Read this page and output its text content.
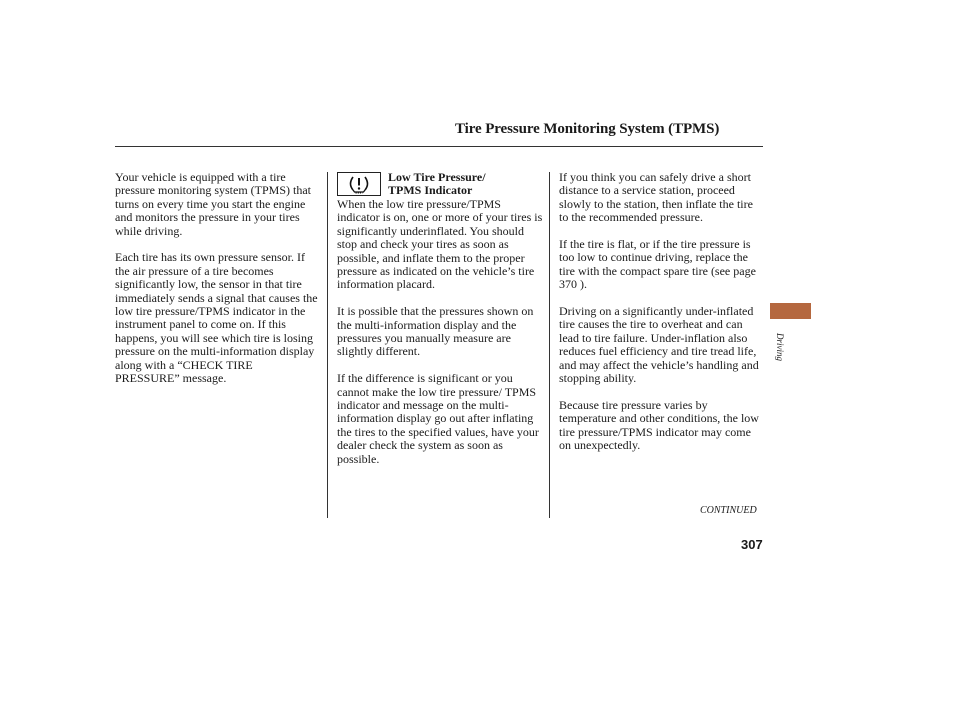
Tire Pressure Monitoring System (TPMS)

Your vehicle is equipped with a tire pressure monitoring system (TPMS) that turns on every time you start the engine and monitors the pressure in your tires while driving.

Each tire has its own pressure sensor. If the air pressure of a tire becomes significantly low, the sensor in that tire immediately sends a signal that causes the low tire pressure/TPMS indicator in the instrument panel to come on. If this happens, you will see which tire is losing pressure on the multi-information display along with a “CHECK TIRE PRESSURE” message.

Low Tire Pressure/
TPMS Indicator

When the low tire pressure/TPMS indicator is on, one or more of your tires is significantly underinflated. You should stop and check your tires as soon as possible, and inflate them to the proper pressure as indicated on the vehicle’s tire information placard.

It is possible that the pressures shown on the multi-information display and the pressures you manually measure are slightly different.

If the difference is significant or you cannot make the low tire pressure/ TPMS indicator and message on the multi-information display go out after inflating the tires to the specified values, have your dealer check the system as soon as possible.

If you think you can safely drive a short distance to a service station, proceed slowly to the station, then inflate the tire to the recommended pressure.

If the tire is flat, or if the tire pressure is too low to continue driving, replace the tire with the compact spare tire (see page 370 ).

Driving on a significantly under-inflated tire causes the tire to overheat and can lead to tire failure. Under-inflation also reduces fuel efficiency and tire tread life, and may affect the vehicle’s handling and stopping ability.

Because tire pressure varies by temperature and other conditions, the low tire pressure/TPMS indicator may come on unexpectedly.

CONTINUED
307
Driving
